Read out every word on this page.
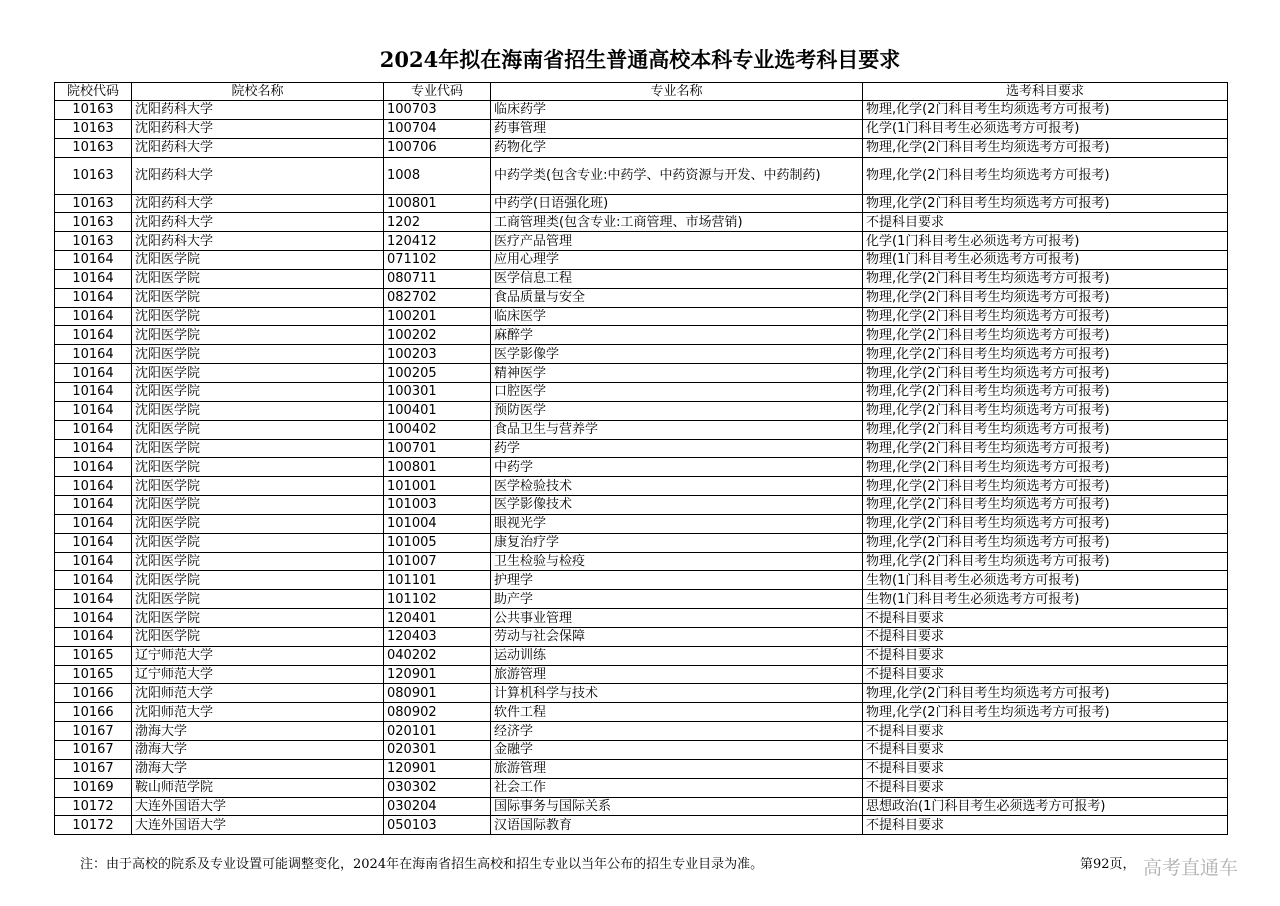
2024年拟在海南省招生普通高校本科专业选考科目要求
院校代码	院校名称	专业代码	专业名称	选考科目要求
10163	沈阳药科大学	100703	临床药学	物理,化学(2门科目考生均须选考方可报考)
10163	沈阳药科大学	100704	药事管理	化学(1门科目考生必须选考方可报考)
10163	沈阳药科大学	100706	药物化学	物理,化学(2门科目考生均须选考方可报考)
10163	沈阳药科大学	1008	中药学类(包含专业:中药学、中药资源与开发、中药制药)	物理,化学(2门科目考生均须选考方可报考)
10163	沈阳药科大学	100801	中药学(日语强化班)	物理,化学(2门科目考生均须选考方可报考)
10163	沈阳药科大学	1202	工商管理类(包含专业:工商管理、市场营销)	不提科目要求
10163	沈阳药科大学	120412	医疗产品管理	化学(1门科目考生必须选考方可报考)
10164	沈阳医学院	071102	应用心理学	物理(1门科目考生必须选考方可报考)
10164	沈阳医学院	080711	医学信息工程	物理,化学(2门科目考生均须选考方可报考)
10164	沈阳医学院	082702	食品质量与安全	物理,化学(2门科目考生均须选考方可报考)
10164	沈阳医学院	100201	临床医学	物理,化学(2门科目考生均须选考方可报考)
10164	沈阳医学院	100202	麻醉学	物理,化学(2门科目考生均须选考方可报考)
10164	沈阳医学院	100203	医学影像学	物理,化学(2门科目考生均须选考方可报考)
10164	沈阳医学院	100205	精神医学	物理,化学(2门科目考生均须选考方可报考)
10164	沈阳医学院	100301	口腔医学	物理,化学(2门科目考生均须选考方可报考)
10164	沈阳医学院	100401	预防医学	物理,化学(2门科目考生均须选考方可报考)
10164	沈阳医学院	100402	食品卫生与营养学	物理,化学(2门科目考生均须选考方可报考)
10164	沈阳医学院	100701	药学	物理,化学(2门科目考生均须选考方可报考)
10164	沈阳医学院	100801	中药学	物理,化学(2门科目考生均须选考方可报考)
10164	沈阳医学院	101001	医学检验技术	物理,化学(2门科目考生均须选考方可报考)
10164	沈阳医学院	101003	医学影像技术	物理,化学(2门科目考生均须选考方可报考)
10164	沈阳医学院	101004	眼视光学	物理,化学(2门科目考生均须选考方可报考)
10164	沈阳医学院	101005	康复治疗学	物理,化学(2门科目考生均须选考方可报考)
10164	沈阳医学院	101007	卫生检验与检疫	物理,化学(2门科目考生均须选考方可报考)
10164	沈阳医学院	101101	护理学	生物(1门科目考生必须选考方可报考)
10164	沈阳医学院	101102	助产学	生物(1门科目考生必须选考方可报考)
10164	沈阳医学院	120401	公共事业管理	不提科目要求
10164	沈阳医学院	120403	劳动与社会保障	不提科目要求
10165	辽宁师范大学	040202	运动训练	不提科目要求
10165	辽宁师范大学	120901	旅游管理	不提科目要求
10166	沈阳师范大学	080901	计算机科学与技术	物理,化学(2门科目考生均须选考方可报考)
10166	沈阳师范大学	080902	软件工程	物理,化学(2门科目考生均须选考方可报考)
10167	渤海大学	020101	经济学	不提科目要求
10167	渤海大学	020301	金融学	不提科目要求
10167	渤海大学	120901	旅游管理	不提科目要求
10169	鞍山师范学院	030302	社会工作	不提科目要求
10172	大连外国语大学	030204	国际事务与国际关系	思想政治(1门科目考生必须选考方可报考)
10172	大连外国语大学	050103	汉语国际教育	不提科目要求
注：由于高校的院系及专业设置可能调整变化，2024年在海南省招生高校和招生专业以当年公布的招生专业目录为准。	第92页， 高考直通车
